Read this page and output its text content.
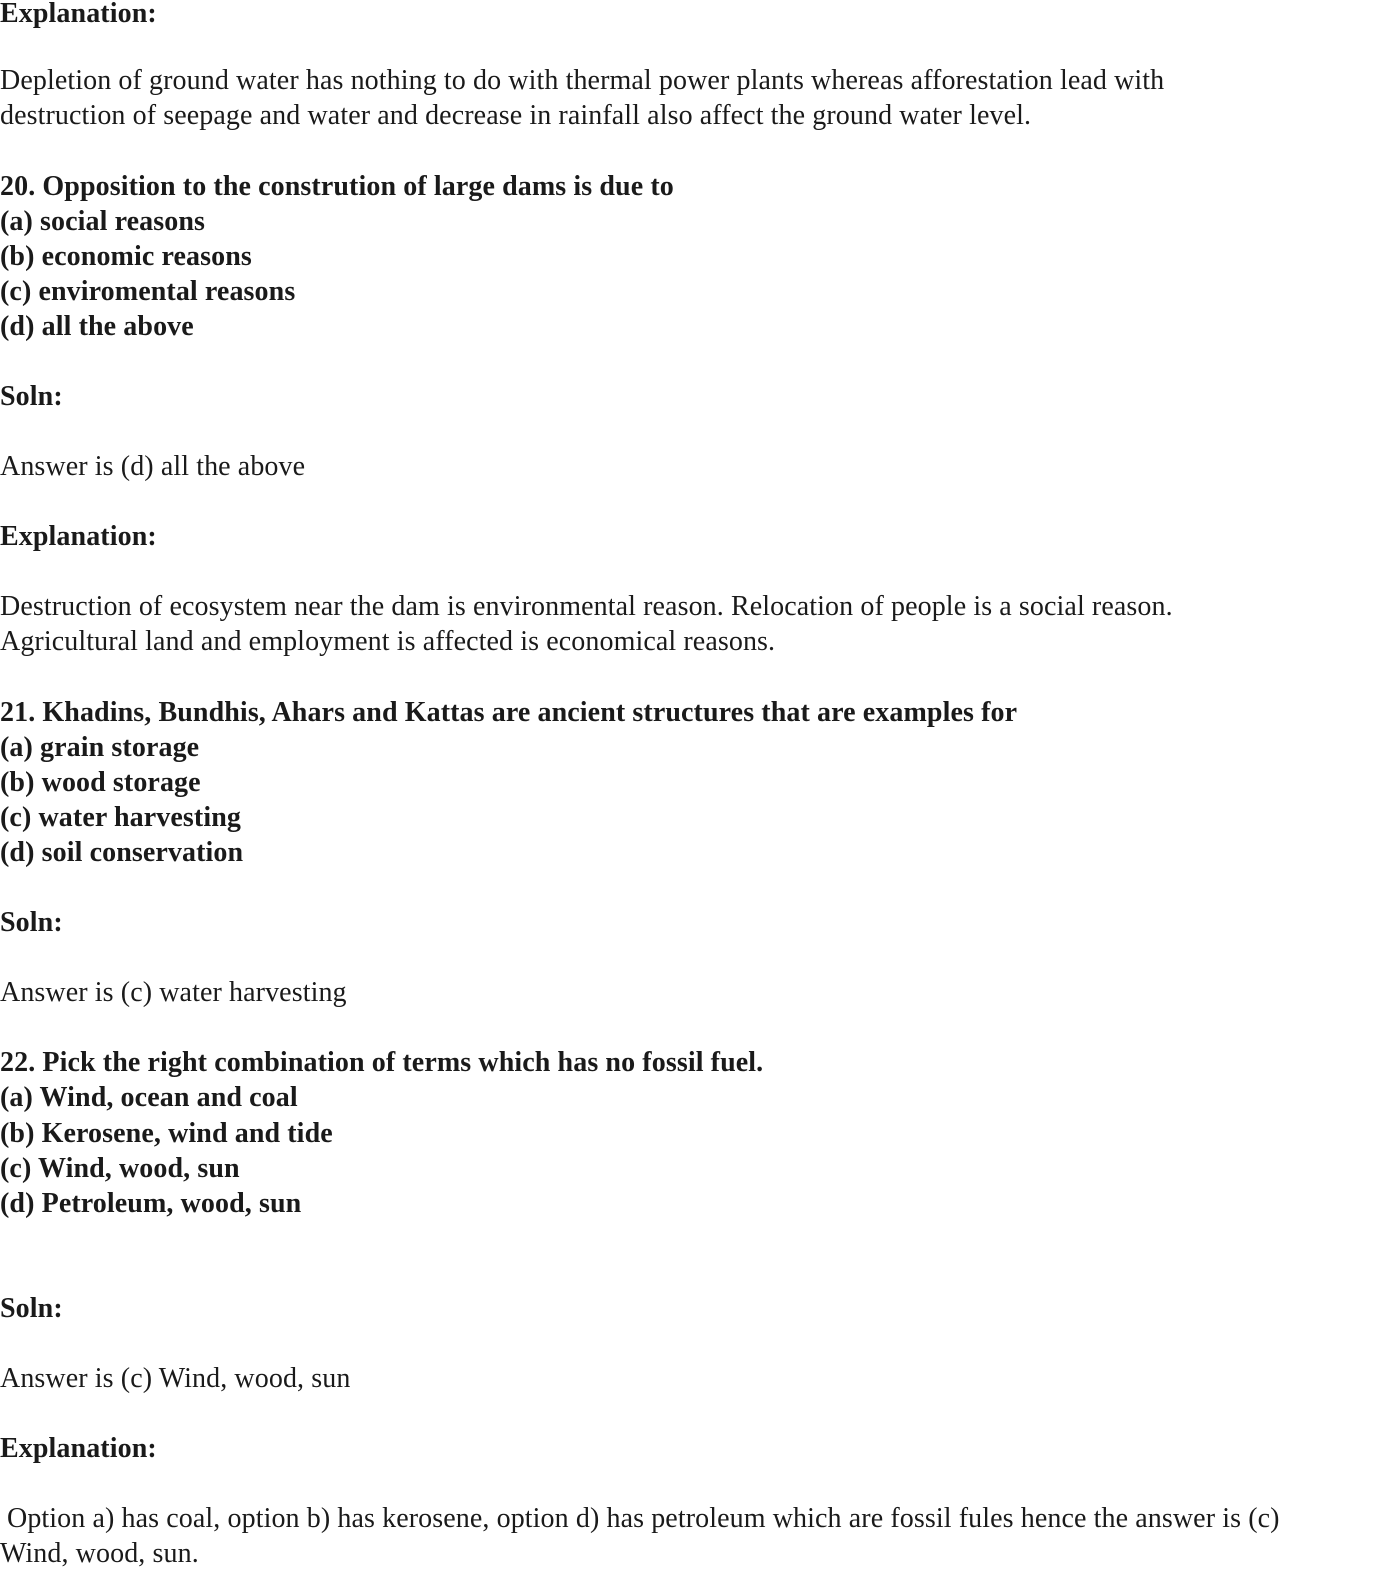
Explanation:
Depletion of ground water has nothing to do with thermal power plants whereas afforestation lead with
destruction of seepage and water and decrease in rainfall also affect the ground water level.
20. Opposition to the constrution of large dams is due to
(a) social reasons
(b) economic reasons
(c) enviromental reasons
(d) all the above
Soln:
Answer is (d) all the above
Explanation:
Destruction of ecosystem near the dam is environmental reason. Relocation of people is a social reason.
Agricultural land and employment is affected is economical reasons.
21. Khadins, Bundhis, Ahars and Kattas are ancient structures that are examples for
(a) grain storage
(b) wood storage
(c) water harvesting
(d) soil conservation
Soln:
Answer is (c) water harvesting
22. Pick the right combination of terms which has no fossil fuel.
(a) Wind, ocean and coal
(b) Kerosene, wind and tide
(c) Wind, wood, sun
(d) Petroleum, wood, sun
Soln:
Answer is (c) Wind, wood, sun
Explanation:
Option a) has coal, option b) has kerosene, option d) has petroleum which are fossil fules hence the answer is (c)
Wind, wood, sun.
